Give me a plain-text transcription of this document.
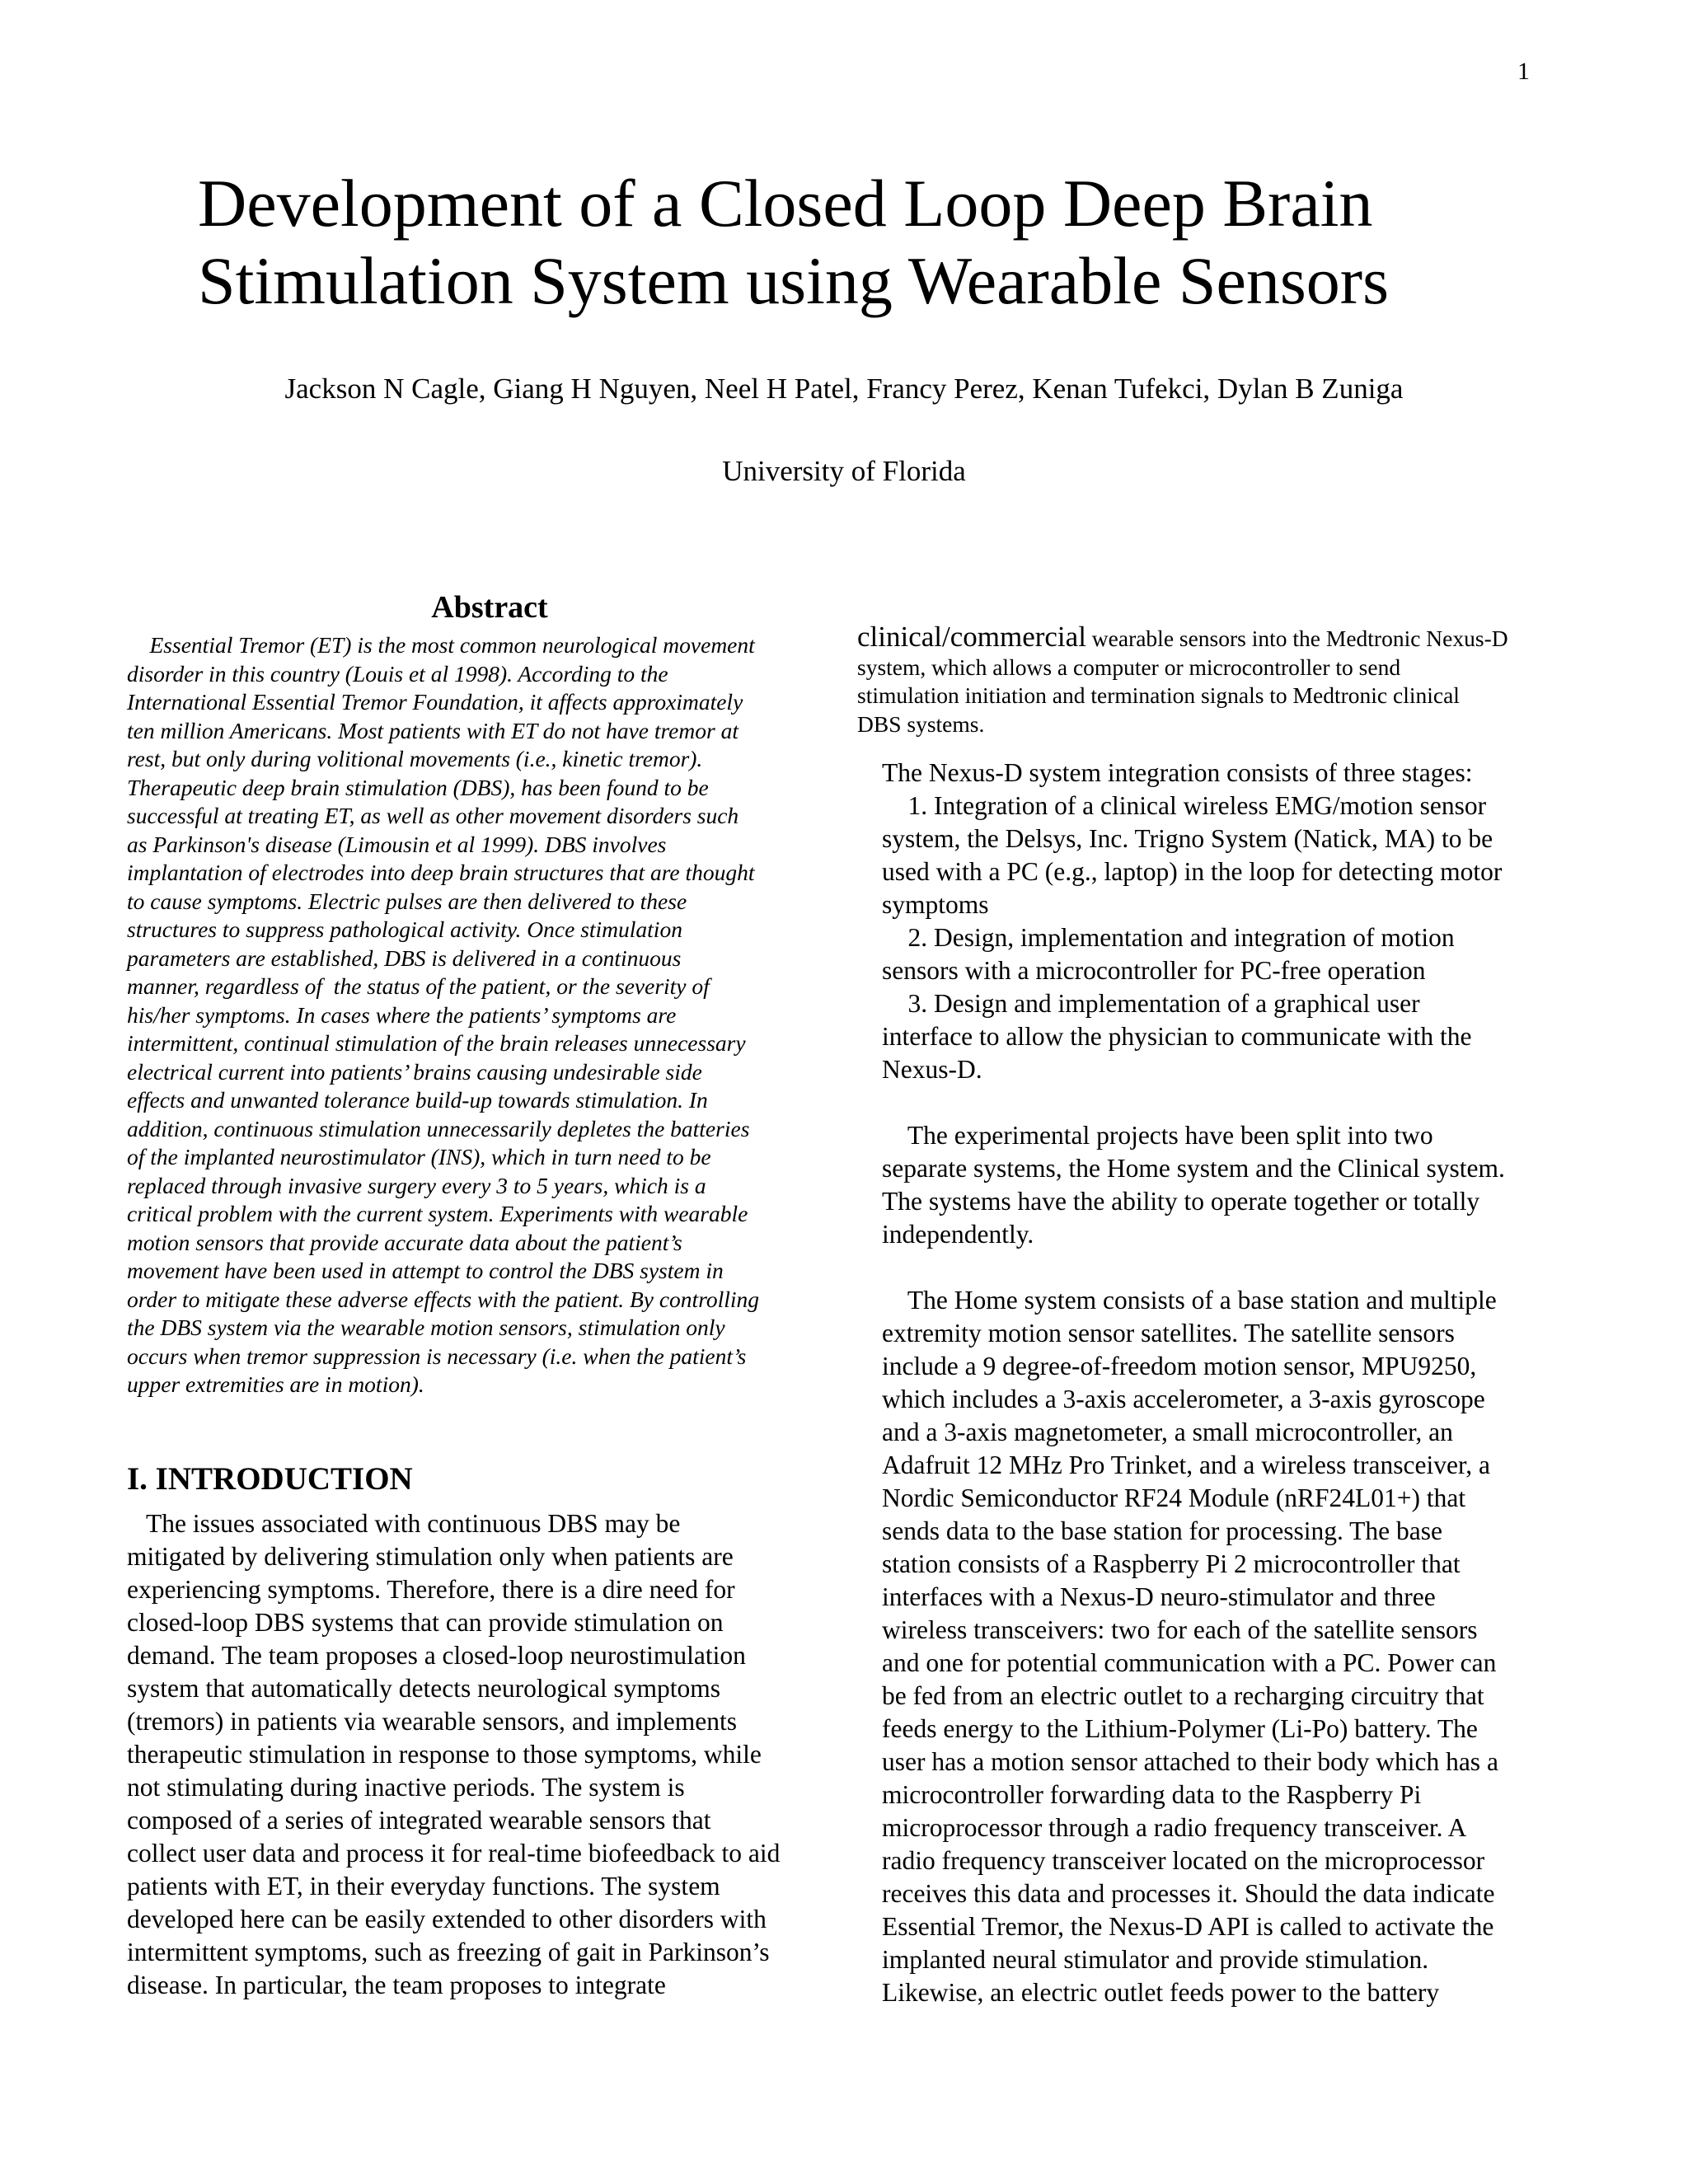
1
Development of a Closed Loop Deep Brain
Stimulation System using Wearable Sensors
Jackson N Cagle, Giang H Nguyen, Neel H Patel, Francy Perez, Kenan Tufekci, Dylan B Zuniga
University of Florida
Abstract
Essential Tremor (ET) is the most common neurological movement
disorder in this country (Louis et al 1998). According to the
International Essential Tremor Foundation, it affects approximately
ten million Americans. Most patients with ET do not have tremor at
rest, but only during volitional movements (i.e., kinetic tremor).
Therapeutic deep brain stimulation (DBS), has been found to be
successful at treating ET, as well as other movement disorders such
as Parkinson's disease (Limousin et al 1999). DBS involves
implantation of electrodes into deep brain structures that are thought
to cause symptoms. Electric pulses are then delivered to these
structures to suppress pathological activity. Once stimulation
parameters are established, DBS is delivered in a continuous
manner, regardless of  the status of the patient, or the severity of
his/her symptoms. In cases where the patients’ symptoms are
intermittent, continual stimulation of the brain releases unnecessary
electrical current into patients’ brains causing undesirable side
effects and unwanted tolerance build-up towards stimulation. In
addition, continuous stimulation unnecessarily depletes the batteries
of the implanted neurostimulator (INS), which in turn need to be
replaced through invasive surgery every 3 to 5 years, which is a
critical problem with the current system. Experiments with wearable
motion sensors that provide accurate data about the patient’s
movement have been used in attempt to control the DBS system in
order to mitigate these adverse effects with the patient. By controlling
the DBS system via the wearable motion sensors, stimulation only
occurs when tremor suppression is necessary (i.e. when the patient’s
upper extremities are in motion).
I. INTRODUCTION
The issues associated with continuous DBS may be
mitigated by delivering stimulation only when patients are
experiencing symptoms. Therefore, there is a dire need for
closed-loop DBS systems that can provide stimulation on
demand. The team proposes a closed-loop neurostimulation
system that automatically detects neurological symptoms
(tremors) in patients via wearable sensors, and implements
therapeutic stimulation in response to those symptoms, while
not stimulating during inactive periods. The system is
composed of a series of integrated wearable sensors that
collect user data and process it for real-time biofeedback to aid
patients with ET, in their everyday functions. The system
developed here can be easily extended to other disorders with
intermittent symptoms, such as freezing of gait in Parkinson’s
disease. In particular, the team proposes to integrate
clinical/commercial wearable sensors into the Medtronic Nexus-D
system, which allows a computer or microcontroller to send
stimulation initiation and termination signals to Medtronic clinical
DBS systems.
The Nexus-D system integration consists of three stages:
1. Integration of a clinical wireless EMG/motion sensor
system, the Delsys, Inc. Trigno System (Natick, MA) to be
used with a PC (e.g., laptop) in the loop for detecting motor
symptoms
2. Design, implementation and integration of motion
sensors with a microcontroller for PC-free operation
3. Design and implementation of a graphical user
interface to allow the physician to communicate with the
Nexus-D.
The experimental projects have been split into two
separate systems, the Home system and the Clinical system.
The systems have the ability to operate together or totally
independently.
The Home system consists of a base station and multiple
extremity motion sensor satellites. The satellite sensors
include a 9 degree-of-freedom motion sensor, MPU9250,
which includes a 3-axis accelerometer, a 3-axis gyroscope
and a 3-axis magnetometer, a small microcontroller, an
Adafruit 12 MHz Pro Trinket, and a wireless transceiver, a
Nordic Semiconductor RF24 Module (nRF24L01+) that
sends data to the base station for processing. The base
station consists of a Raspberry Pi 2 microcontroller that
interfaces with a Nexus-D neuro-stimulator and three
wireless transceivers: two for each of the satellite sensors
and one for potential communication with a PC. Power can
be fed from an electric outlet to a recharging circuitry that
feeds energy to the Lithium-Polymer (Li-Po) battery. The
user has a motion sensor attached to their body which has a
microcontroller forwarding data to the Raspberry Pi
microprocessor through a radio frequency transceiver. A
radio frequency transceiver located on the microprocessor
receives this data and processes it. Should the data indicate
Essential Tremor, the Nexus-D API is called to activate the
implanted neural stimulator and provide stimulation.
Likewise, an electric outlet feeds power to the battery
